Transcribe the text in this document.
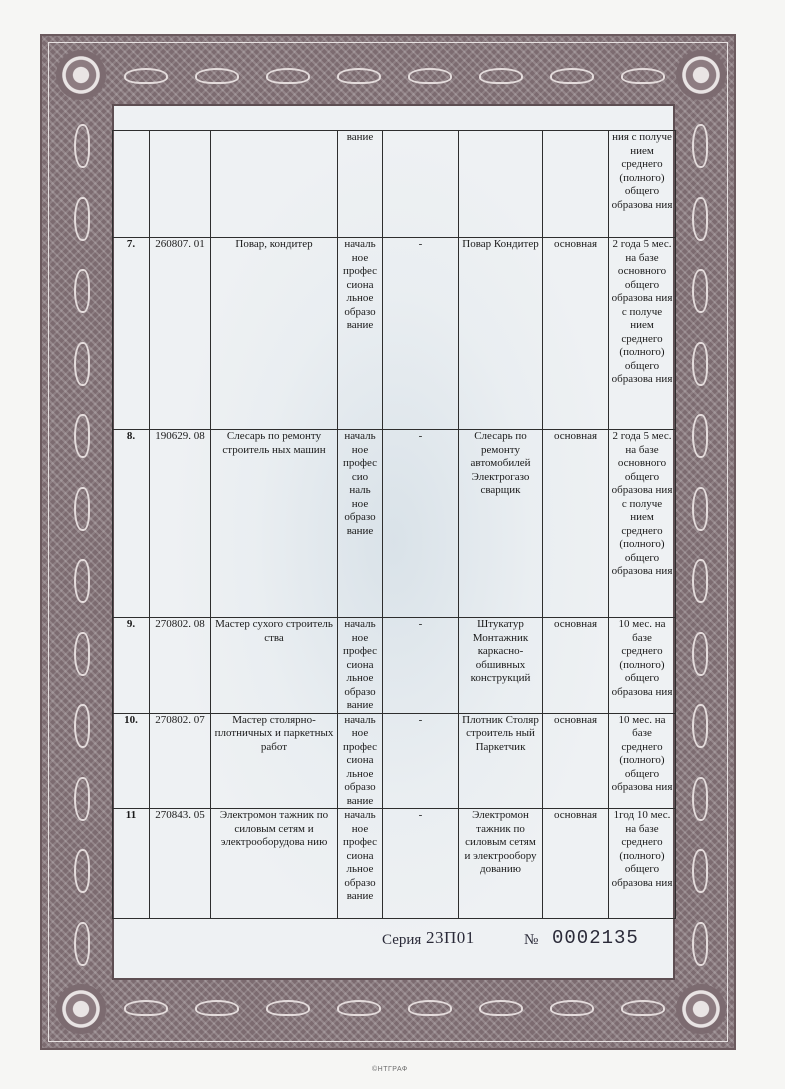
			вание				ния с получе нием среднего (полного) общего образова ния
7.	260807. 01	Повар, кондитер	началь ное профес сиона льное образо вание	-	Повар Кондитер	основная	2 года 5 мес. на базе основного общего образова ния с получе нием среднего (полного) общего образова ния
8.	190629. 08	Слесарь по ремонту строитель ных машин	началь ное профес сио наль ное образо вание	-	Слесарь по ремонту автомобилей Электрогазо сварщик	основная	2 года 5 мес. на базе основного общего образова ния с получе нием среднего (полного) общего образова ния
9.	270802. 08	Мастер сухого строитель ства	началь ное профес сиона льное образо вание	-	Штукатур Монтажник каркасно-обшивных конструкций	основная	10 мес. на базе среднего (полного) общего образова ния
10.	270802. 07	Мастер столярно-плотничных и паркетных работ	началь ное профес сиона льное образо вание	-	Плотник Столяр строитель ный Паркетчик	основная	10 мес. на базе среднего (полного) общего образова ния
11	270843. 05	Электромон тажник по силовым сетям и электрооборудова нию	началь ное профес сиона льное образо вание	-	Электромон тажник по силовым сетям и электрообору дованию	основная	1год 10 мес. на базе среднего (полного) общего образова ния
Серия 23П01	№ 0002135
©НТГРАФ
